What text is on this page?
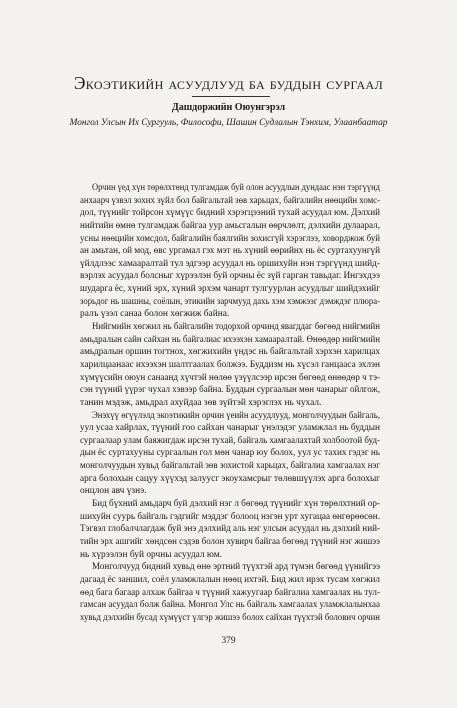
Экоэтикийн асуудлууд ба буддын сургаал
Дашдоржийн Оюунгэрэл
Монгол Улсын Их Сургууль, Философи, Шашин Судлалын Тэнхим, Улаанбаатар
Орчин үед хүн төрөлхтөнд тулгамдаж буй олон асуудлын дундаас нэн тэргүүнд
анхаарч үзвэл зохих зүйл бол байгальтай зөв харьцах, байгалийн нөөцийн хомс-
дол, түүнийг тойрсон хүмүүс бидний хэрэгцээний тухай асуудал юм. Дэлхий
нийтийн өмнө тулгамдаж байгаа уур амьсгалын өөрчлөлт, дэлхийн дулаарал,
усны нөөцийн хомсдол, байгалийн баялгийн зохисгүй хэрэглээ, ховорджож буй
ан амьтан, ой мод, өвс ургамал гэх мэт нь хүний өөрийнх нь ёс суртахуунгүй
үйлдлээс хамааралтай тул эдгээр асуудал нь оршихуйн нэн тэргүүнд шийд-
вэрлэх асуудал болсныг хүрээлэн буй орчны ёс зүй гарган тавьдаг. Ингэхдээ
шударга ёс, хүний эрх, хүний эрхэм чанарт тулгуурлан асуудлыг шийдэхийг
зорьдог нь шашны, соёлын, этикийн зарчмууд дахь хэм хэмжээг дэмждэг плюра-
ралъ үзэл санаа болон хөгжиж байна.
Нийгмийн хөгжил нь байгалийн тодорхой орчинд явагддаг бөгөөд нийгмийн
амьдралын сайн сайхан нь байгалиас ихээхэн хамааралтай. Өнөөдөр нийгмийн
амьдралын оршин тогтнох, хөгжихийн үндэс нь байгальтай хэрхэн харилцах
харилцаанаас ихээхэн шалтгаалах болжээ. Буддизм нь хүсэл ганцааса эхлэн
хүмүүсийн оюун санаанд хүчтэй нөлөө үзүүлсээр ирсэн бөгөөд өнөөдөр ч тэ-
сэн түүний үүрэг чухал хэвээр байна. Буддын сургаалын мөн чанарыг ойлгож,
танин мэдэж, амьдрал ахуйдаа зөв зүйтэй хэрэглэх нь чухал.
Энэхүү өгүүлэлд экоэтикийн орчин үеийн асуудлууд, монголчуудын байгаль,
уул усаа хайрлах, түүний гоо сайхан чанарыг үнэлэдэг уламжлал нь буддын
сургаалаар улам баяжигдаж ирсэн тухай, байгаль хамгаалахтай холбоотой буд-
дын ёс суртахууны сургаалын гол мөн чанар юу болох, уул ус тахих гэдэг нь
монголчуудын хувьд байгальтай зөв зохистой харьцах, байгалиа хамгаалах нэг
арга болохын сацуу хүүхэд залуусг экоухамсрыг төлөвшүүлэх арга болохыг
онцлон авч үзнэ.
Бид бүхний амьдарч буй дэлхий нэг л бөгөөд түүнийг хүн төрөлхтний ор-
шихуйн суурь байгаль гэдгийг мэддэг болооц нэгэн урт хугацаа өнгөрөөсөн.
Тэгвэл глобалчлагдаж буй энэ дэлхийд аль нэг улсын асуудал нь дэлхий ний-
тийн эрх ашгийг хөндсөн сэдэв болон хувирч байгаа бөгөөд түүний нэг жишээ
нь хүрээлэн буй орчны асуудал юм.
Монголчууд бидний хувьд өнө эртний түүхтэй ард түмэн бөгөөд үүнийгээ
дагаад ёс заншил, соёл уламжлалын нөөц ихтэй. Бид жил ирэх тусам хөгжил
өөд бага багаар алхаж байгаа ч түүний хажуугаар байгалиа хамгаалах нь тул-
гамсан асуудал болж байна. Монгол Улс нь байгаль хамгаалах уламжлалынхаа
хувьд дэлхийн бусад хүмүүст үлгэр жишээ болох сайхан түүхтэй болович орчин
379
